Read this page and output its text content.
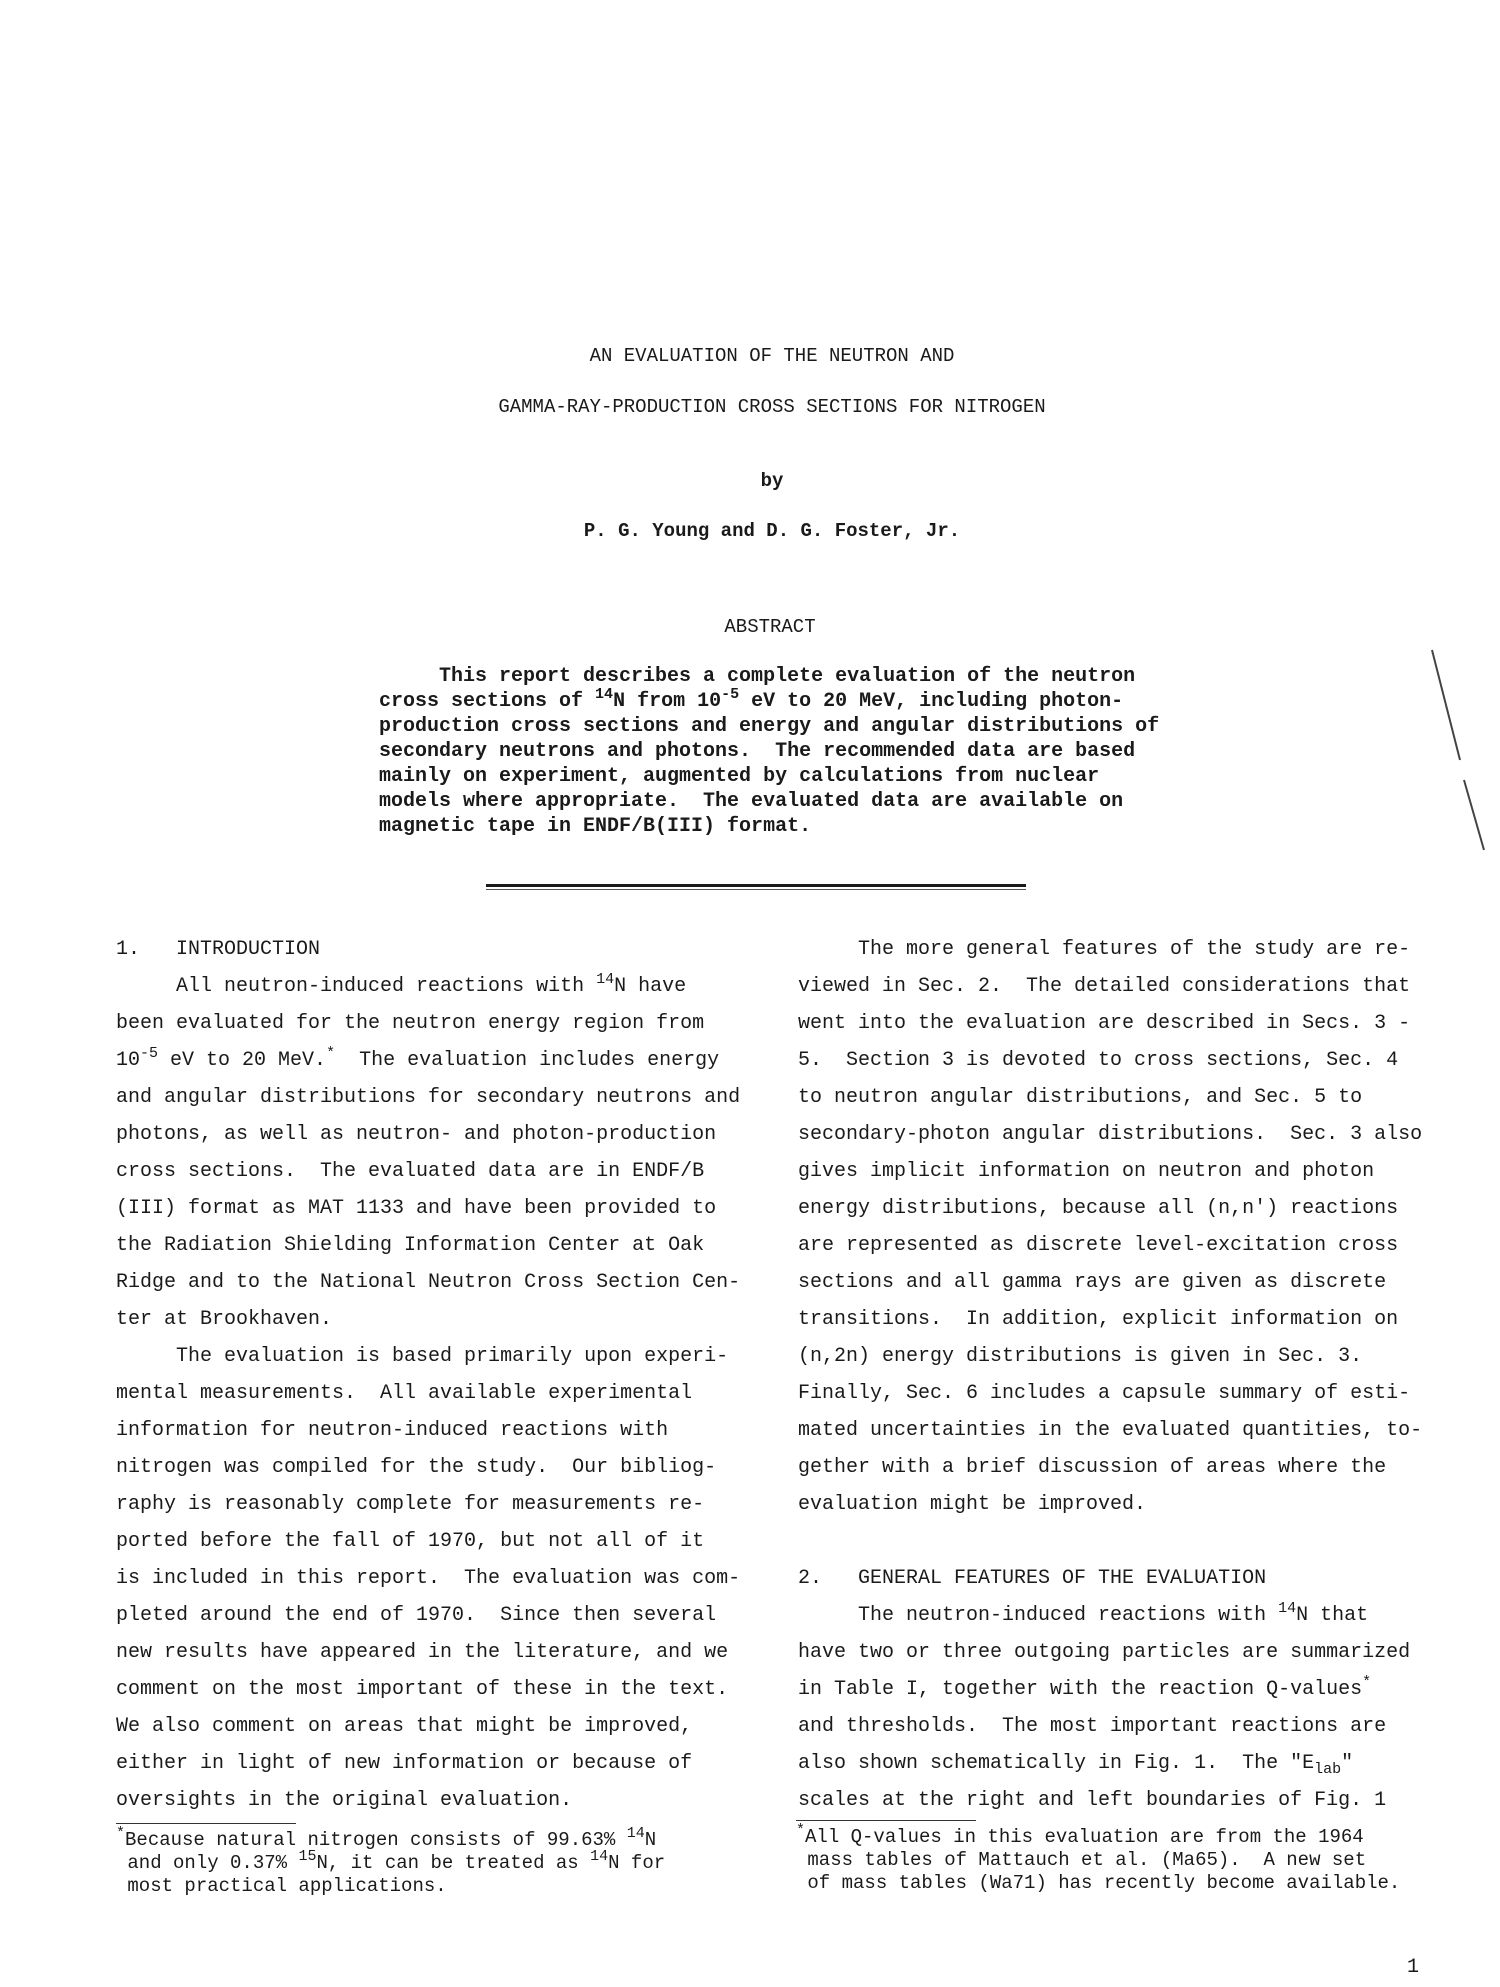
AN EVALUATION OF THE NEUTRON AND
GAMMA-RAY-PRODUCTION CROSS SECTIONS FOR NITROGEN
by
P. G. Young and D. G. Foster, Jr.
ABSTRACT
This report describes a complete evaluation of the neutron
cross sections of $^{14}$N from $10^{-5}$ eV to 20 MeV, including photon-
production cross sections and energy and angular distributions of
secondary neutrons and photons.  The recommended data are based
mainly on experiment, augmented by calculations from nuclear
models where appropriate.  The evaluated data are available on
magnetic tape in ENDF/B(III) format.
1.   INTRODUCTION
All neutron-induced reactions with $^{14}$N have
been evaluated for the neutron energy region from
$10^{-5}$ eV to 20 MeV.*  The evaluation includes energy
and angular distributions for secondary neutrons and
photons, as well as neutron- and photon-production
cross sections.  The evaluated data are in ENDF/B
(III) format as MAT 1133 and have been provided to
the Radiation Shielding Information Center at Oak
Ridge and to the National Neutron Cross Section Cen-
ter at Brookhaven.
The evaluation is based primarily upon experi-
mental measurements.  All available experimental
information for neutron-induced reactions with
nitrogen was compiled for the study.  Our bibliog-
raphy is reasonably complete for measurements re-
ported before the fall of 1970, but not all of it
is included in this report.  The evaluation was com-
pleted around the end of 1970.  Since then several
new results have appeared in the literature, and we
comment on the most important of these in the text.
We also comment on areas that might be improved,
either in light of new information or because of
oversights in the original evaluation.
The more general features of the study are re-
viewed in Sec. 2.  The detailed considerations that
went into the evaluation are described in Secs. 3 -
5.  Section 3 is devoted to cross sections, Sec. 4
to neutron angular distributions, and Sec. 5 to
secondary-photon angular distributions.  Sec. 3 also
gives implicit information on neutron and photon
energy distributions, because all (n,n') reactions
are represented as discrete level-excitation cross
sections and all gamma rays are given as discrete
transitions.  In addition, explicit information on
(n,2n) energy distributions is given in Sec. 3.
Finally, Sec. 6 includes a capsule summary of esti-
mated uncertainties in the evaluated quantities, to-
gether with a brief discussion of areas where the
evaluation might be improved.

2.   GENERAL FEATURES OF THE EVALUATION
The neutron-induced reactions with $^{14}$N that
have two or three outgoing particles are summarized
in Table I, together with the reaction Q-values*
and thresholds.  The most important reactions are
also shown schematically in Fig. 1.  The "$E_{lab}$"
scales at the right and left boundaries of Fig. 1
*Because natural nitrogen consists of 99.63% $^{14}$N
and only 0.37% $^{15}$N, it can be treated as $^{14}$N for
most practical applications.
*All Q-values in this evaluation are from the 1964
mass tables of Mattauch et al. (Ma65).  A new set
of mass tables (Wa71) has recently become available.
1
